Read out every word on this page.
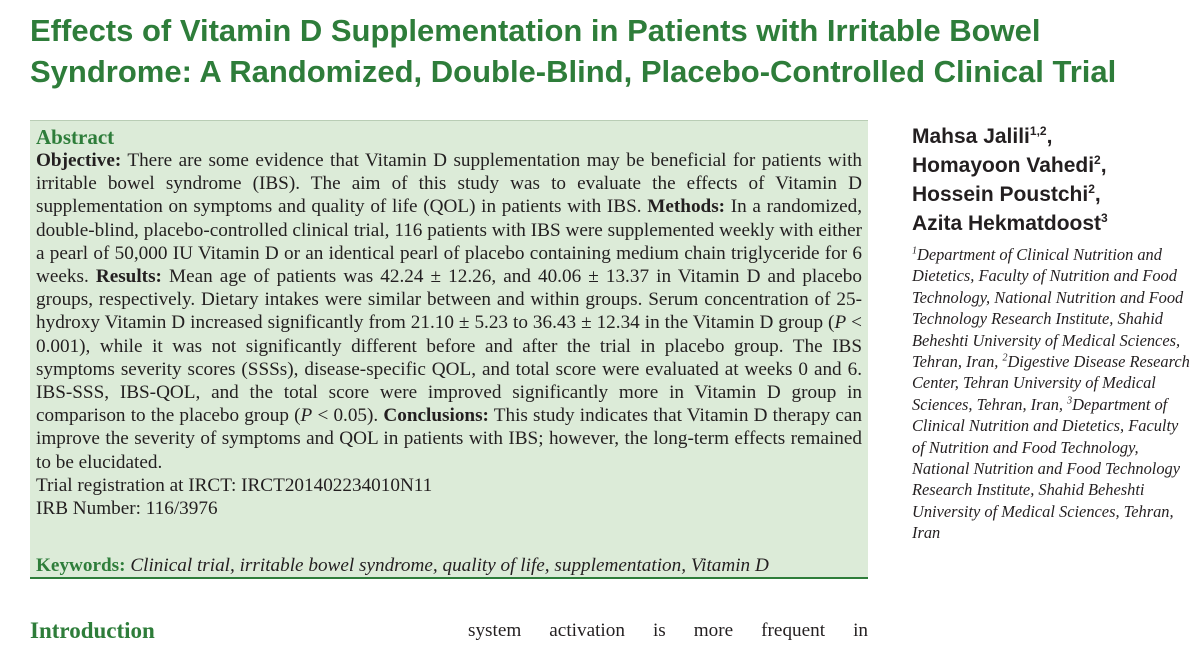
Effects of Vitamin D Supplementation in Patients with Irritable Bowel Syndrome: A Randomized, Double-Blind, Placebo-Controlled Clinical Trial
Abstract

Objective: There are some evidence that Vitamin D supplementation may be beneficial for patients with irritable bowel syndrome (IBS). The aim of this study was to evaluate the effects of Vitamin D supplementation on symptoms and quality of life (QOL) in patients with IBS. Methods: In a randomized, double-blind, placebo-controlled clinical trial, 116 patients with IBS were supplemented weekly with either a pearl of 50,000 IU Vitamin D or an identical pearl of placebo containing medium chain triglyceride for 6 weeks. Results: Mean age of patients was 42.24 ± 12.26, and 40.06 ± 13.37 in Vitamin D and placebo groups, respectively. Dietary intakes were similar between and within groups. Serum concentration of 25-hydroxy Vitamin D increased significantly from 21.10 ± 5.23 to 36.43 ± 12.34 in the Vitamin D group (P < 0.001), while it was not significantly different before and after the trial in placebo group. The IBS symptoms severity scores (SSSs), disease-specific QOL, and total score were evaluated at weeks 0 and 6. IBS-SSS, IBS-QOL, and the total score were improved significantly more in Vitamin D group in comparison to the placebo group (P < 0.05). Conclusions: This study indicates that Vitamin D therapy can improve the severity of symptoms and QOL in patients with IBS; however, the long-term effects remained to be elucidated.

Trial registration at IRCT: IRCT201402234010N11
IRB Number: 116/3976
Keywords: Clinical trial, irritable bowel syndrome, quality of life, supplementation, Vitamin D
Mahsa Jalili$^{1,2}$,
Homayoon Vahedi$^2$,
Hossein Poustchi$^2$,
Azita Hekmatdoost$^3$
$^1$Department of Clinical Nutrition and Dietetics, Faculty of Nutrition and Food Technology, National Nutrition and Food Technology Research Institute, Shahid Beheshti University of Medical Sciences, Tehran, Iran, $^2$Digestive Disease Research Center, Tehran University of Medical Sciences, Tehran, Iran, $^3$Department of Clinical Nutrition and Dietetics, Faculty of Nutrition and Food Technology, National Nutrition and Food Technology Research Institute, Shahid Beheshti University of Medical Sciences, Tehran, Iran
Introduction	system activation is more frequent in
